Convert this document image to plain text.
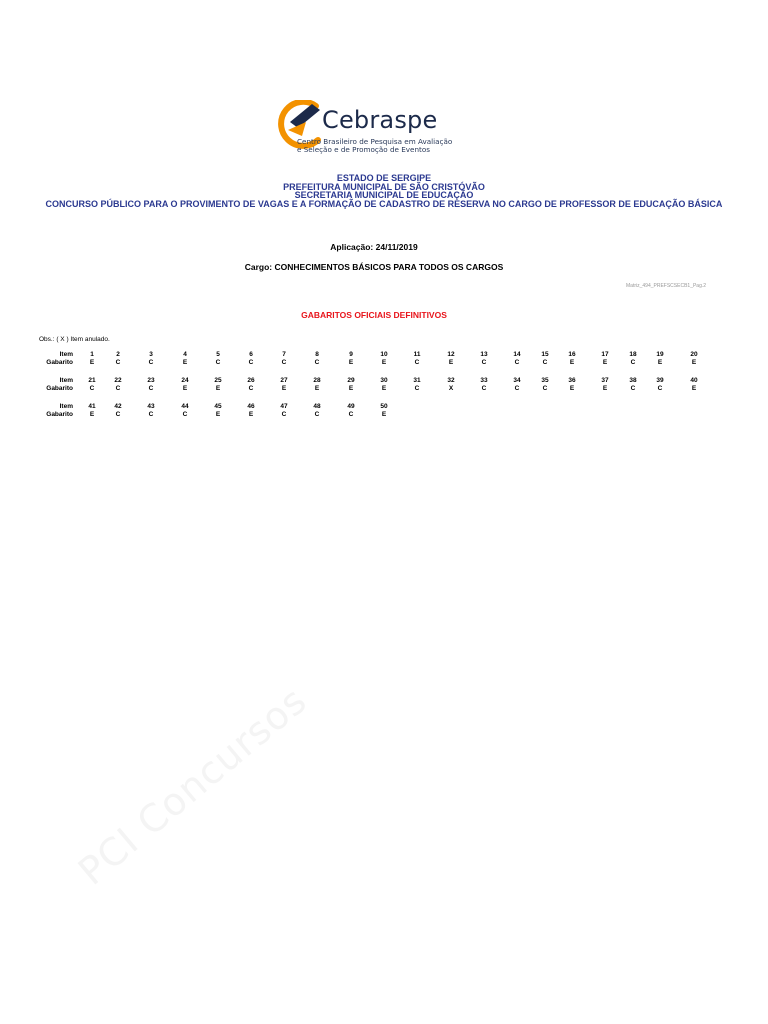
Cebraspe
Centro Brasileiro de Pesquisa em Avaliação
e Seleção e de Promoção de Eventos
ESTADO DE SERGIPE
PREFEITURA MUNICIPAL DE SÃO CRISTÓVÃO
SECRETARIA MUNICIPAL DE EDUCAÇÃO
CONCURSO PÚBLICO PARA O PROVIMENTO DE VAGAS E A FORMAÇÃO DE CADASTRO DE RESERVA NO CARGO DE PROFESSOR DE EDUCAÇÃO BÁSICA
Aplicação: 24/11/2019
Cargo: CONHECIMENTOS BÁSICOS PARA TODOS OS CARGOS
Matriz_494_PREFSCSECB1_Pag.2
GABARITOS OFICIAIS DEFINITIVOS
Obs.: ( X ) Item anulado.
Item
Gabarito
1
E
2
C
3
C
4
E
5
C
6
C
7
C
8
C
9
E
10
E
11
C
12
E
13
C
14
C
15
C
16
E
17
E
18
C
19
E
20
E
Item
Gabarito
21
C
22
C
23
C
24
E
25
E
26
C
27
E
28
E
29
E
30
E
31
C
32
X
33
C
34
C
35
C
36
E
37
E
38
C
39
C
40
E
Item
Gabarito
41
E
42
C
43
C
44
C
45
E
46
E
47
C
48
C
49
C
50
E
PCI Concursos
